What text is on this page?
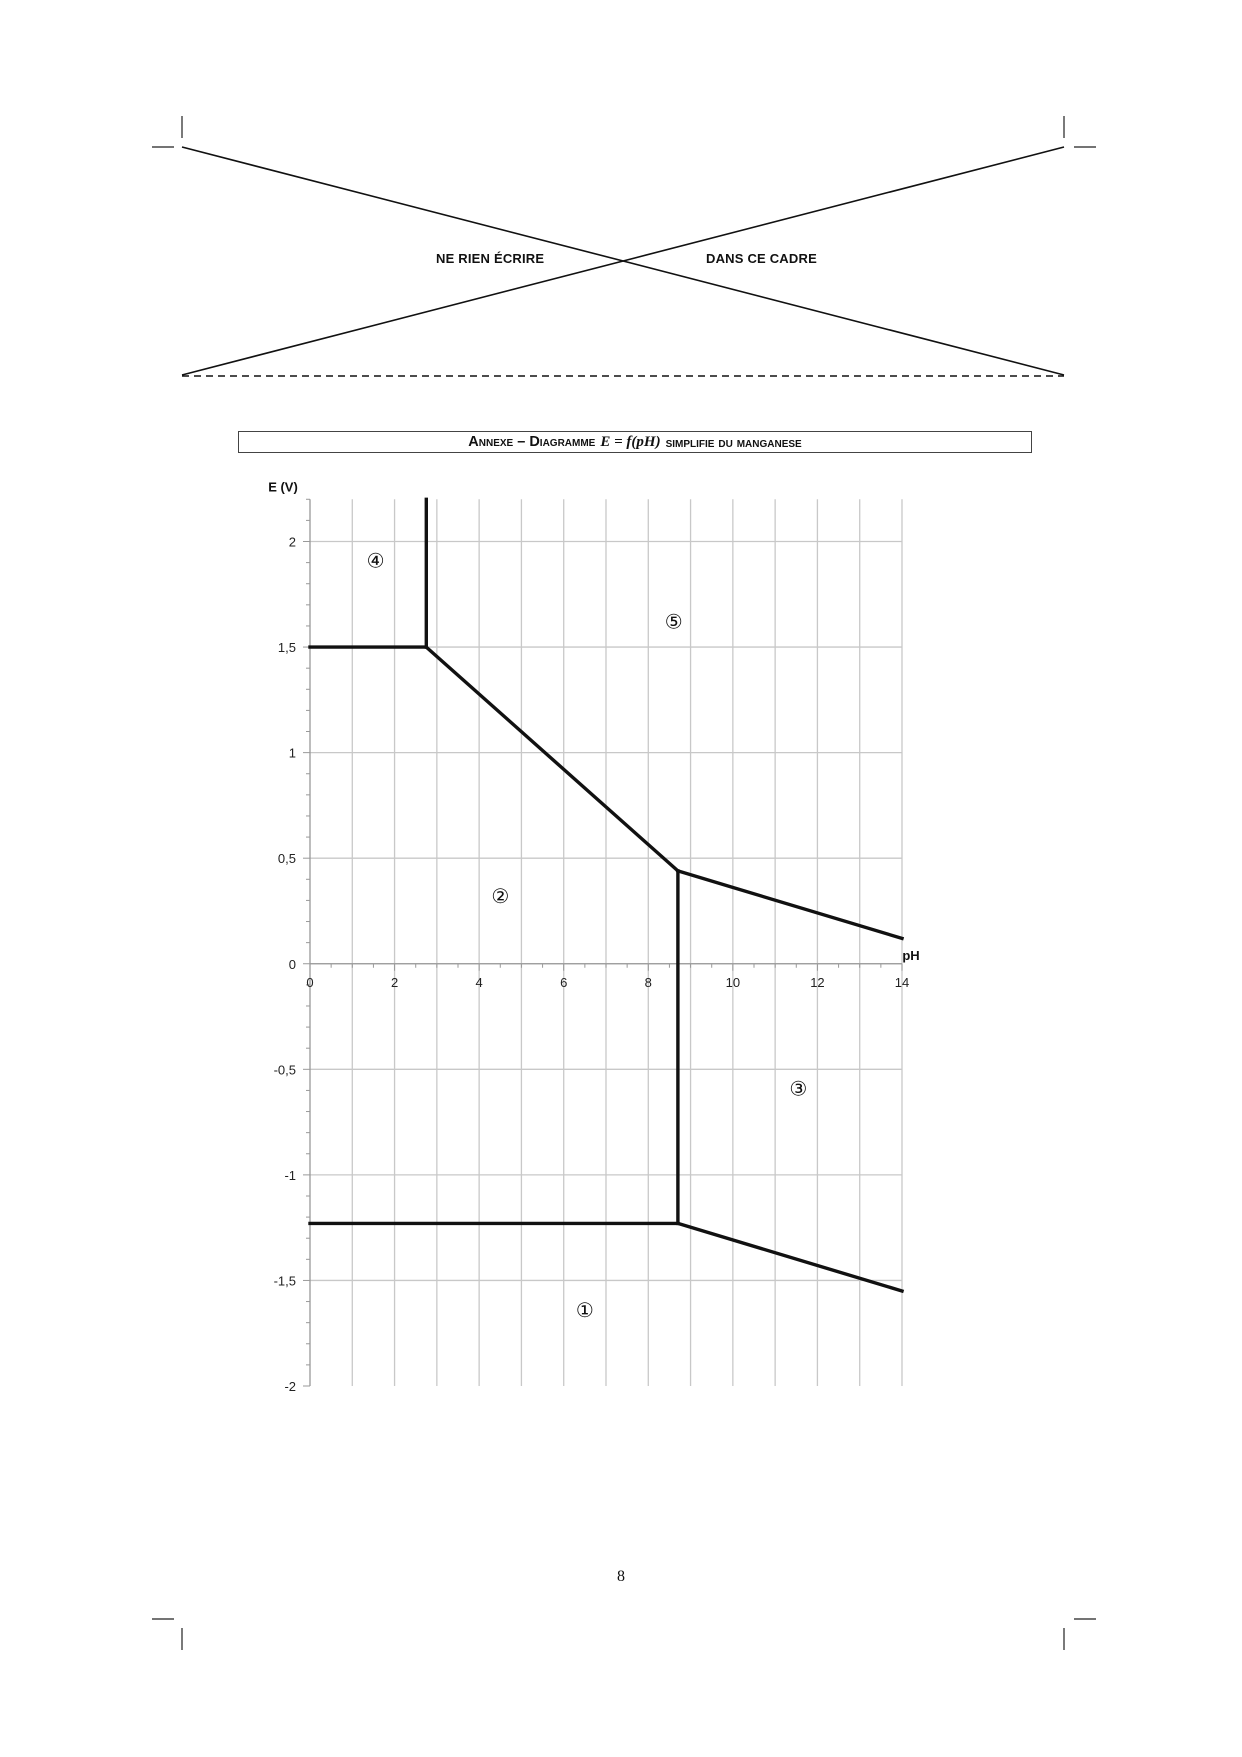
NE RIEN ÉCRIRE	DANS CE CADRE
Annexe – Diagramme E = f(pH) simplifie du manganese
-2
-1,5
-1
-0,5
0
0,5
1
1,5
2
0	2	4	6	8	10	12	14
E (V)
pH
④
⑤
②
③
①
8
